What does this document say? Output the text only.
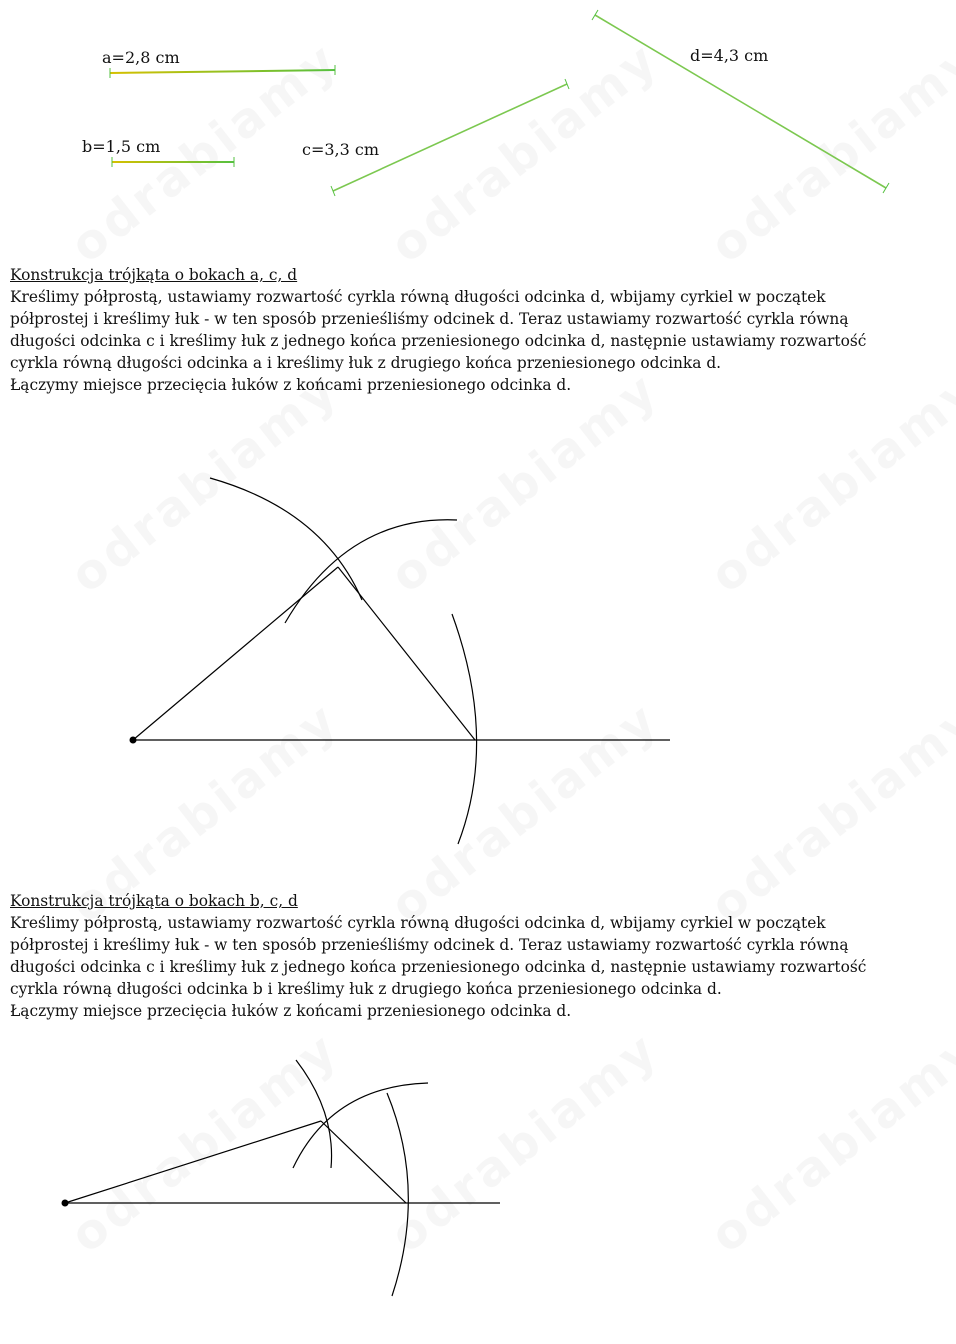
a=2,8 cm
b=1,5 cm	c=3,3 cm
d=4,3 cm
Konstrukcja trójkąta o bokach a, c, d

Kreślimy półprostą, ustawiamy rozwartość cyrkla równą długości odcinka d, wbijamy cyrkiel w początek

półprostej i kreślimy łuk - w ten sposób przenieśliśmy odcinek d. Teraz ustawiamy rozwartość cyrkla równą

długości odcinka c i kreślimy łuk z jednego końca przeniesionego odcinka d, następnie ustawiamy rozwartość

cyrkla równą długości odcinka a i kreślimy łuk z drugiego końca przeniesionego odcinka d.

Łączymy miejsce przecięcia łuków z końcami przeniesionego odcinka d.

Konstrukcja trójkąta o bokach b, c, d

Kreślimy półprostą, ustawiamy rozwartość cyrkla równą długości odcinka d, wbijamy cyrkiel w początek

półprostej i kreślimy łuk - w ten sposób przenieśliśmy odcinek d. Teraz ustawiamy rozwartość cyrkla równą

długości odcinka c i kreślimy łuk z jednego końca przeniesionego odcinka d, następnie ustawiamy rozwartość

cyrkla równą długości odcinka b i kreślimy łuk z drugiego końca przeniesionego odcinka d.

Łączymy miejsce przecięcia łuków z końcami przeniesionego odcinka d.
